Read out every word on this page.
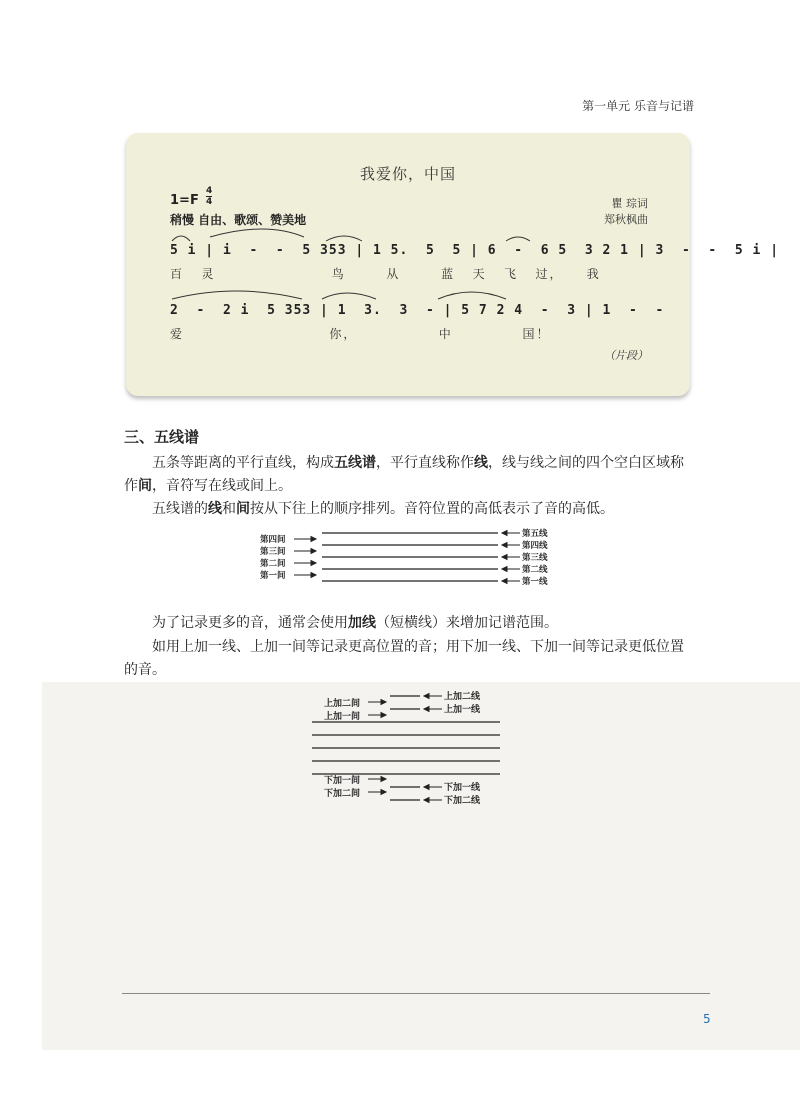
第一单元 乐音与记谱
我爱你，中国
1=F
4
4
稍慢 自由、歌颂、赞美地
瞿 琮词
郑秋枫曲
5 i | i  -  -  5 353 | 1 5.  5  5 | 6  -  6 5  3 2 1 | 3  -  -  5 i |
百   灵                    鸟       从       蓝   天   飞   过，    我
2  -  2 i  5 353 | 1  3.  3  - | 5 7 2 4  -  3 | 1  -  -
爱                         你，              中            国！
（片段）
三、五线谱
五条等距离的平行直线，构成五线谱，平行直线称作线，线与线之间的四个空白区域称作间，音符写在线或间上。
五线谱的线和间按从下往上的顺序排列。音符位置的高低表示了音的高低。
第四间
第三间
第二间
第一间
第五线
第四线
第三线
第二线
第一线
为了记录更多的音，通常会使用加线（短横线）来增加记谱范围。
如用上加一线、上加一间等记录更高位置的音；用下加一线、下加一间等记录更低位置的音。
上加二间
上加一间
上加二线
上加一线
下加一间
下加二间
下加一线
下加二线
5
